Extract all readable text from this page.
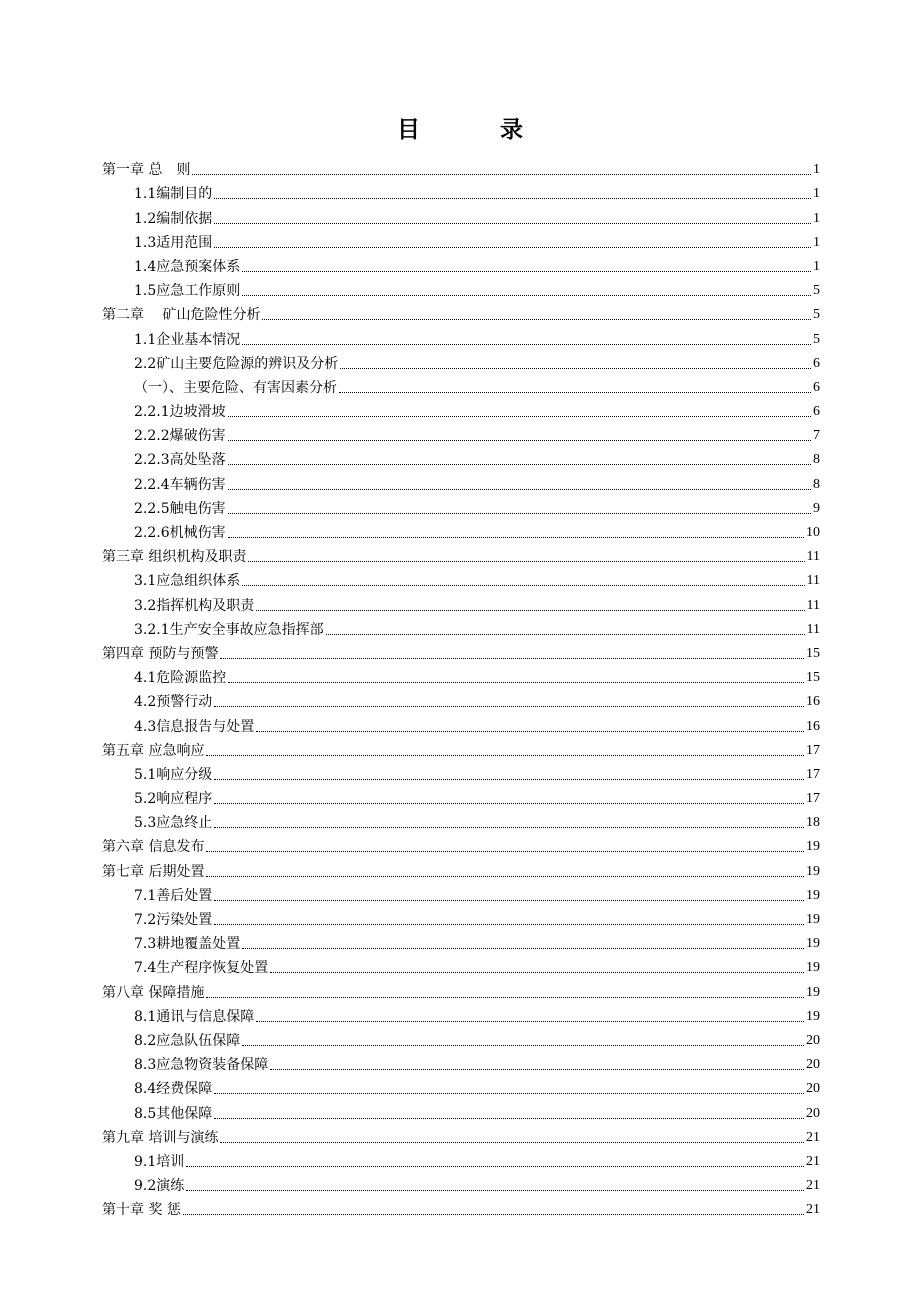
目 录
第一章 总　则	1
1.1编制目的	1
1.2编制依据	1
1.3适用范围	1
1.4应急预案体系	1
1.5应急工作原则	5
第二章　 矿山危险性分析	5
1.1企业基本情况	5
2.2矿山主要危险源的辨识及分析	6
（一）、主要危险、有害因素分析	6
2.2.1边坡滑坡	6
2.2.2爆破伤害	7
2.2.3高处坠落	8
2.2.4车辆伤害	8
2.2.5触电伤害	9
2.2.6机械伤害	10
第三章 组织机构及职责	11
3.1应急组织体系	11
3.2指挥机构及职责	11
3.2.1生产安全事故应急指挥部	11
第四章 预防与预警	15
4.1危险源监控	15
4.2预警行动	16
4.3信息报告与处置	16
第五章 应急响应	17
5.1响应分级	17
5.2响应程序	17
5.3应急终止	18
第六章 信息发布	19
第七章 后期处置	19
7.1善后处置	19
7.2污染处置	19
7.3耕地覆盖处置	19
7.4生产程序恢复处置	19
第八章 保障措施	19
8.1通讯与信息保障	19
8.2应急队伍保障	20
8.3应急物资装备保障	20
8.4经费保障	20
8.5其他保障	20
第九章 培训与演练	21
9.1培训	21
9.2演练	21
第十章 奖 惩	21
